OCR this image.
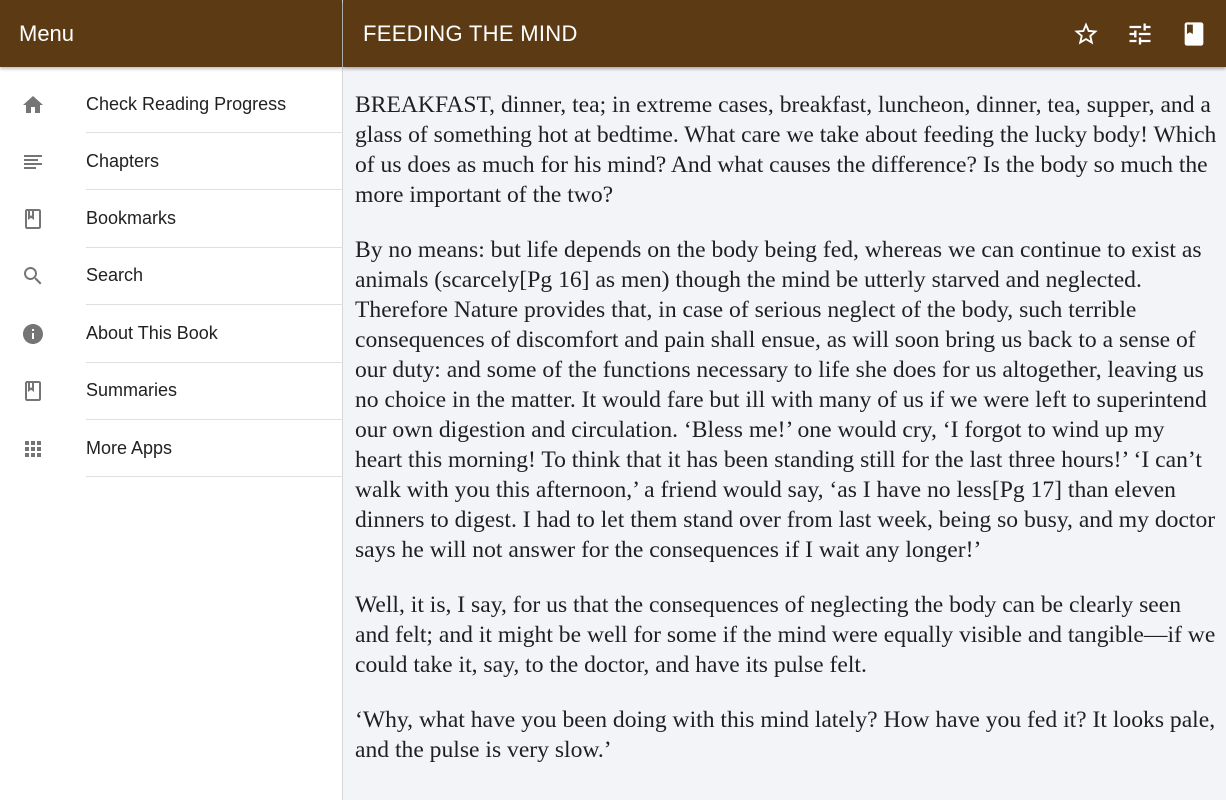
Menu
Check Reading Progress
Chapters
Bookmarks
Search
About This Book
Summaries
More Apps
FEEDING THE MIND

BREAKFAST, dinner, tea; in extreme cases, breakfast, luncheon, dinner, tea, supper, and a glass of something hot at bedtime. What care we take about feeding the lucky body! Which of us does as much for his mind? And what causes the difference? Is the body so much the more important of the two?

By no means: but life depends on the body being fed, whereas we can continue to exist as animals (scarcely[Pg 16] as men) though the mind be utterly starved and neglected. Therefore Nature provides that, in case of serious neglect of the body, such terrible consequences of discomfort and pain shall ensue, as will soon bring us back to a sense of our duty: and some of the functions necessary to life she does for us altogether, leaving us no choice in the matter. It would fare but ill with many of us if we were left to superintend our own digestion and circulation. ‘Bless me!’ one would cry, ‘I forgot to wind up my heart this morning! To think that it has been standing still for the last three hours!’ ‘I can’t walk with you this afternoon,’ a friend would say, ‘as I have no less[Pg 17] than eleven dinners to digest. I had to let them stand over from last week, being so busy, and my doctor says he will not answer for the consequences if I wait any longer!’

Well, it is, I say, for us that the consequences of neglecting the body can be clearly seen and felt; and it might be well for some if the mind were equally visible and tangible—if we could take it, say, to the doctor, and have its pulse felt.

‘Why, what have you been doing with this mind lately? How have you fed it? It looks pale, and the pulse is very slow.’
